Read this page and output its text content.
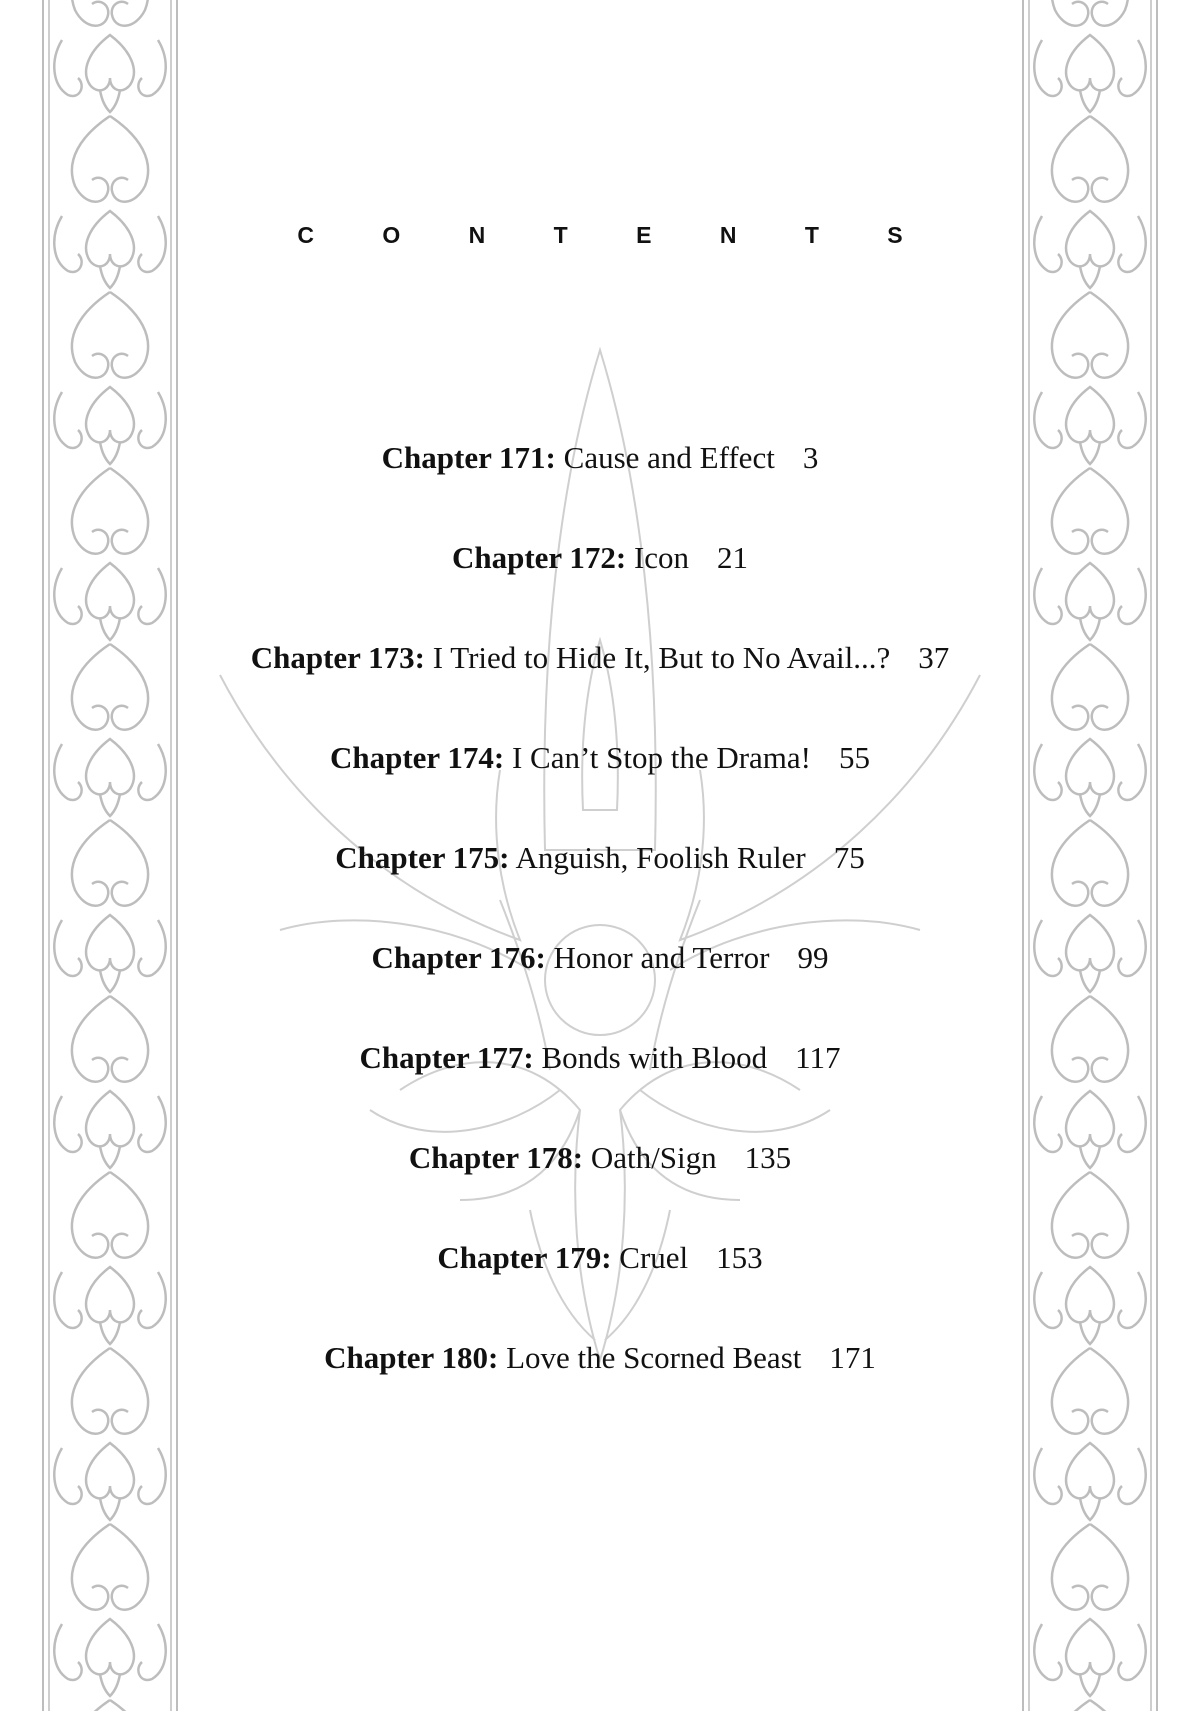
C O N T E N T S
Chapter 171: Cause and Effect 3
Chapter 172: Icon 21
Chapter 173: I Tried to Hide It, But to No Avail...? 37
Chapter 174: I Can’t Stop the Drama! 55
Chapter 175: Anguish, Foolish Ruler 75
Chapter 176: Honor and Terror 99
Chapter 177: Bonds with Blood 117
Chapter 178: Oath/Sign 135
Chapter 179: Cruel 153
Chapter 180: Love the Scorned Beast 171
